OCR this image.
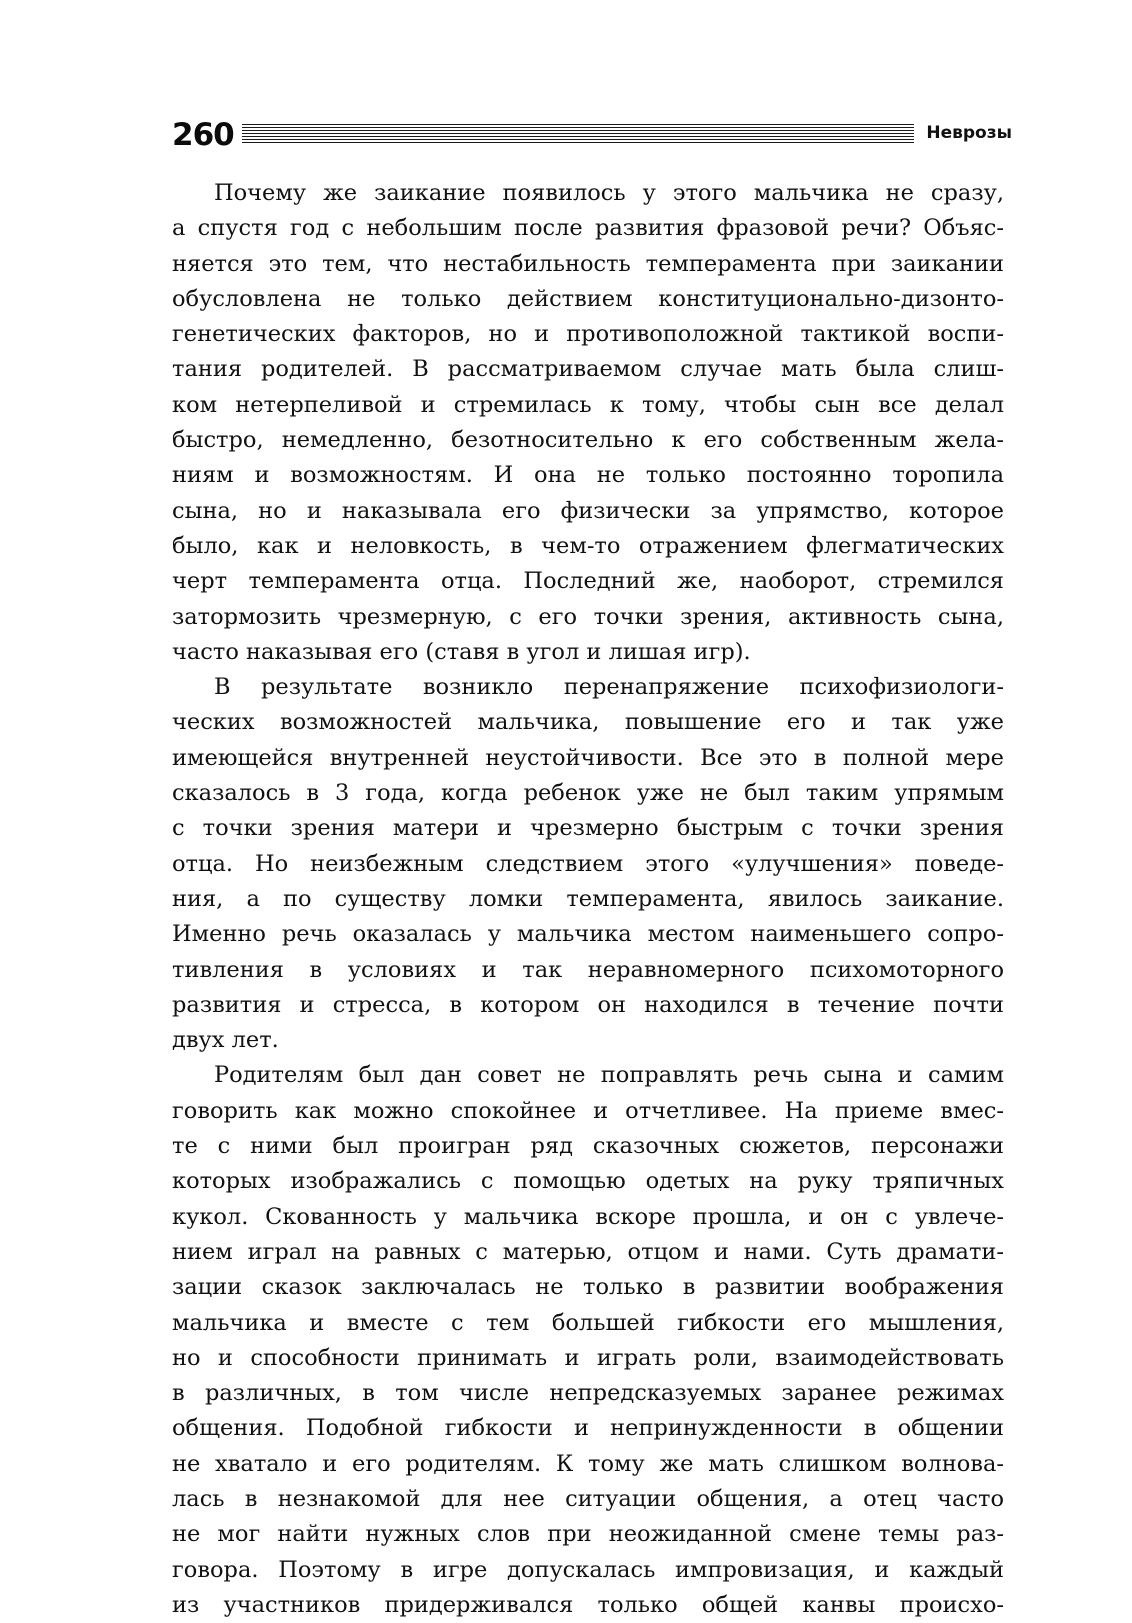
260	Неврозы
Почему же заикание появилось у этого мальчика не сразу,
а спустя год с небольшим после развития фразовой речи? Объяс-
няется это тем, что нестабильность темперамента при заикании
обусловлена не только действием конституционально-дизонто-
генетических факторов, но и противоположной тактикой воспи-
тания родителей. В рассматриваемом случае мать была слиш-
ком нетерпеливой и стремилась к тому, чтобы сын все делал
быстро, немедленно, безотносительно к его собственным жела-
ниям и возможностям. И она не только постоянно торопила
сына, но и наказывала его физически за упрямство, которое
было, как и неловкость, в чем-то отражением флегматических
черт темперамента отца. Последний же, наоборот, стремился
затормозить чрезмерную, с его точки зрения, активность сына,
часто наказывая его (ставя в угол и лишая игр).
В результате возникло перенапряжение психофизиологи-
ческих возможностей мальчика, повышение его и так уже
имеющейся внутренней неустойчивости. Все это в полной мере
сказалось в 3 года, когда ребенок уже не был таким упрямым
с точки зрения матери и чрезмерно быстрым с точки зрения
отца. Но неизбежным следствием этого «улучшения» поведе-
ния, а по существу ломки темперамента, явилось заикание.
Именно речь оказалась у мальчика местом наименьшего сопро-
тивления в условиях и так неравномерного психомоторного
развития и стресса, в котором он находился в течение почти
двух лет.
Родителям был дан совет не поправлять речь сына и самим
говорить как можно спокойнее и отчетливее. На приеме вмес-
те с ними был проигран ряд сказочных сюжетов, персонажи
которых изображались с помощью одетых на руку тряпичных
кукол. Скованность у мальчика вскоре прошла, и он с увлече-
нием играл на равных с матерью, отцом и нами. Суть драмати-
зации сказок заключалась не только в развитии воображения
мальчика и вместе с тем большей гибкости его мышления,
но и способности принимать и играть роли, взаимодействовать
в различных, в том числе непредсказуемых заранее режимах
общения. Подобной гибкости и непринужденности в общении
не хватало и его родителям. К тому же мать слишком волнова-
лась в незнакомой для нее ситуации общения, а отец часто
не мог найти нужных слов при неожиданной смене темы раз-
говора. Поэтому в игре допускалась импровизация, и каждый
из участников придерживался только общей канвы происхо-
